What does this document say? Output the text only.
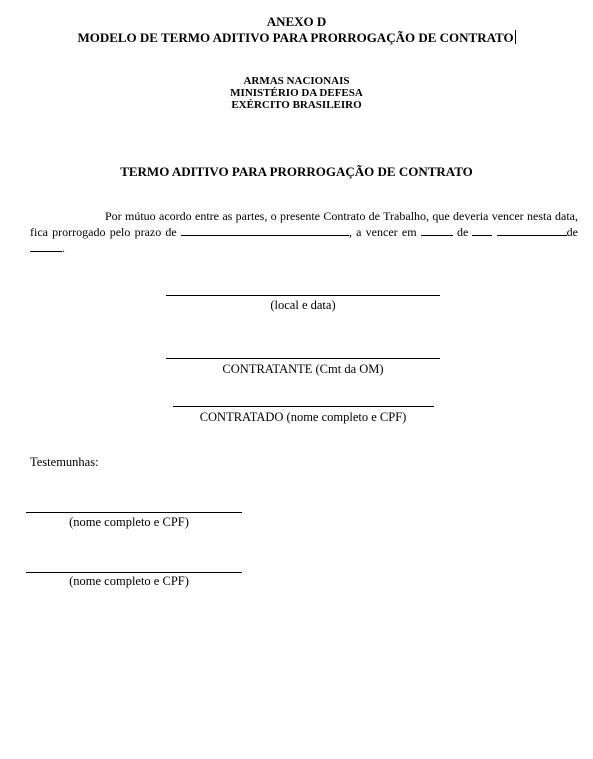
ANEXO D
MODELO DE TERMO ADITIVO PARA PRORROGAÇÃO DE CONTRATO
ARMAS NACIONAIS
MINISTÉRIO DA DEFESA
EXÉRCITO BRASILEIRO
TERMO ADITIVO PARA PRORROGAÇÃO DE CONTRATO
Por mútuo acordo entre as partes, o presente Contrato de Trabalho, que deveria vencer nesta data, fica prorrogado pelo prazo de	, a vencer em	de	de .
(local e data)
CONTRATANTE (Cmt da OM)
CONTRATADO (nome completo e CPF)
Testemunhas:
(nome completo e CPF)
(nome completo e CPF)
